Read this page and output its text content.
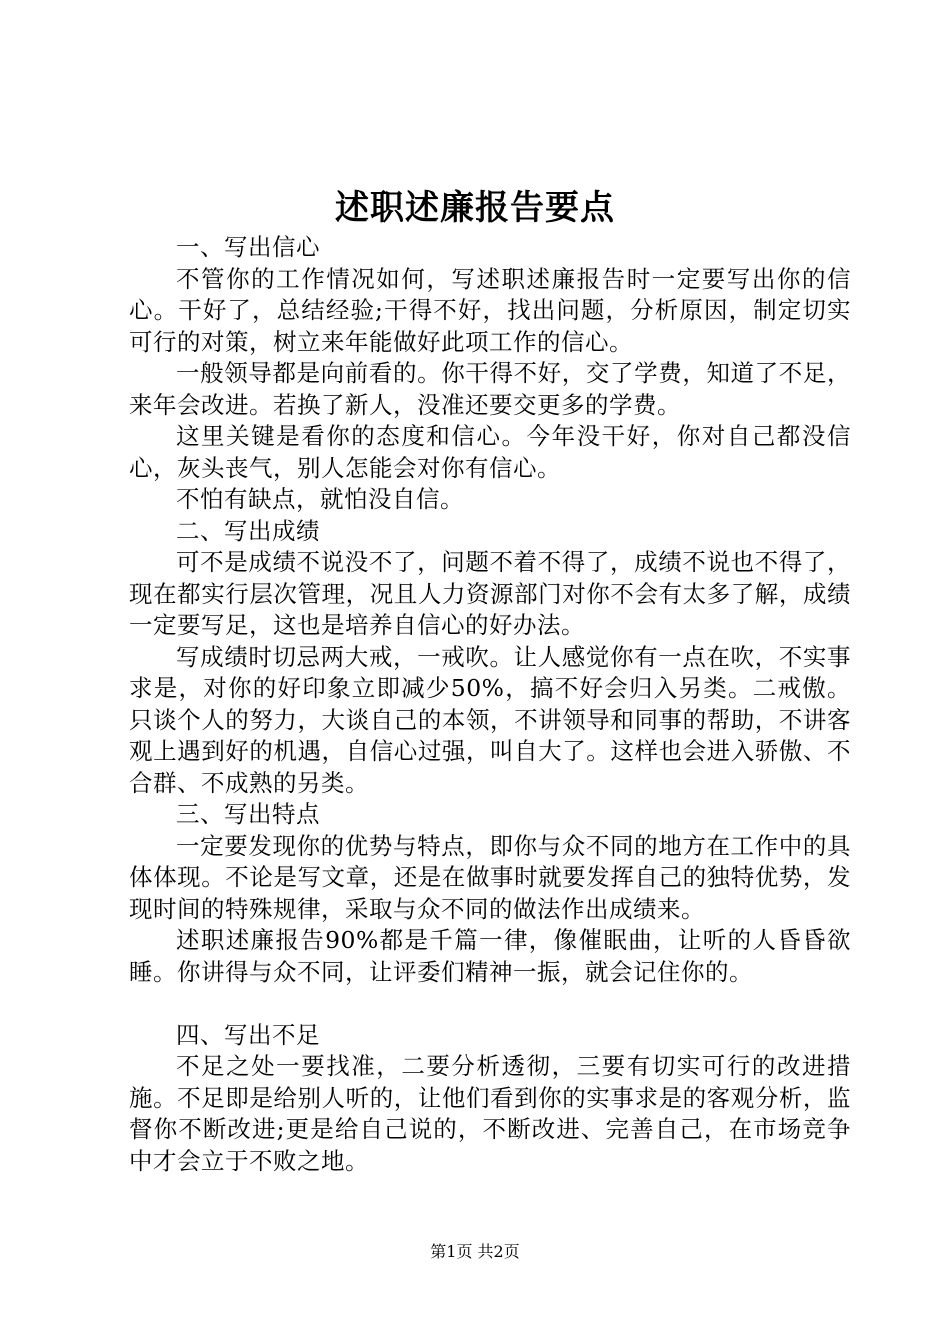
述职述廉报告要点

一、写出信心

不管你的工作情况如何，写述职述廉报告时一定要写出你的信心。干好了，总结经验;干得不好，找出问题，分析原因，制定切实可行的对策，树立来年能做好此项工作的信心。

一般领导都是向前看的。你干得不好，交了学费，知道了不足，来年会改进。若换了新人，没准还要交更多的学费。

这里关键是看你的态度和信心。今年没干好，你对自己都没信心，灰头丧气，别人怎能会对你有信心。

不怕有缺点，就怕没自信。

二、写出成绩

可不是成绩不说没不了，问题不着不得了，成绩不说也不得了，现在都实行层次管理，况且人力资源部门对你不会有太多了解，成绩一定要写足，这也是培养自信心的好办法。

写成绩时切忌两大戒，一戒吹。让人感觉你有一点在吹，不实事求是，对你的好印象立即减少50%，搞不好会归入另类。二戒傲。只谈个人的努力，大谈自己的本领，不讲领导和同事的帮助，不讲客观上遇到好的机遇，自信心过强，叫自大了。这样也会进入骄傲、不合群、不成熟的另类。

三、写出特点

一定要发现你的优势与特点，即你与众不同的地方在工作中的具体体现。不论是写文章，还是在做事时就要发挥自己的独特优势，发现时间的特殊规律，采取与众不同的做法作出成绩来。

述职述廉报告90%都是千篇一律，像催眠曲，让听的人昏昏欲睡。你讲得与众不同，让评委们精神一振，就会记住你的。

四、写出不足

不足之处一要找准，二要分析透彻，三要有切实可行的改进措施。不足即是给别人听的，让他们看到你的实事求是的客观分析，监督你不断改进;更是给自己说的，不断改进、完善自己，在市场竞争中才会立于不败之地。

第1页 共2页
